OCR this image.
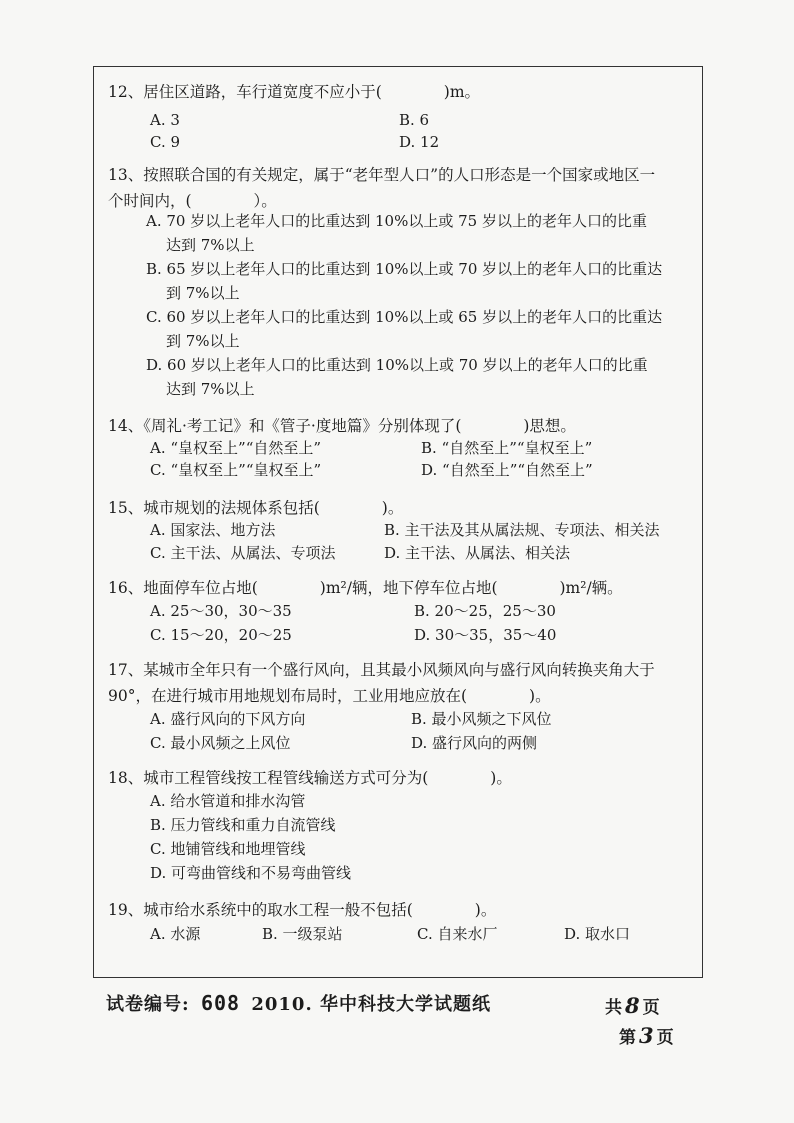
12、居住区道路，车行道宽度不应小于(　　　　)m。

A. 3	B. 6
C. 9	D. 12

13、按照联合国的有关规定，属于“老年型人口”的人口形态是一个国家或地区一
个时间内，(　　　　）。

A. 70 岁以上老年人口的比重达到 10%以上或 75 岁以上的老年人口的比重
达到 7%以上
B. 65 岁以上老年人口的比重达到 10%以上或 70 岁以上的老年人口的比重达
到 7%以上
C. 60 岁以上老年人口的比重达到 10%以上或 65 岁以上的老年人口的比重达
到 7%以上
D. 60 岁以上老年人口的比重达到 10%以上或 70 岁以上的老年人口的比重
达到 7%以上

14、《周礼·考工记》和《管子·度地篇》分别体现了(　　　　)思想。

A. “皇权至上”“自然至上”	B. “自然至上”“皇权至上”
C. “皇权至上”“皇权至上”	D. “自然至上”“自然至上”

15、城市规划的法规体系包括(　　　　)。

A. 国家法、地方法	B. 主干法及其从属法规、专项法、相关法
C. 主干法、从属法、专项法	D. 主干法、从属法、相关法

16、地面停车位占地(　　　　)m²/辆，地下停车位占地(　　　　)m²/辆。

A. 25～30，30～35	B. 20～25，25～30
C. 15～20，20～25	D. 30～35，35～40

17、某城市全年只有一个盛行风向，且其最小风频风向与盛行风向转换夹角大于
90°，在进行城市用地规划布局时，工业用地应放在(　　　　)。

A. 盛行风向的下风方向	B. 最小风频之下风位
C. 最小风频之上风位	D. 盛行风向的两侧

18、城市工程管线按工程管线输送方式可分为(　　　　)。

A. 给水管道和排水沟管
B. 压力管线和重力自流管线
C. 地铺管线和地埋管线
D. 可弯曲管线和不易弯曲管线

19、城市给水系统中的取水工程一般不包括(　　　　)。

A. 水源	B. 一级泵站	C. 自来水厂	D. 取水口
试卷编号: 608 2010. 华中科技大学试题纸	共 8 页
第 3 页
